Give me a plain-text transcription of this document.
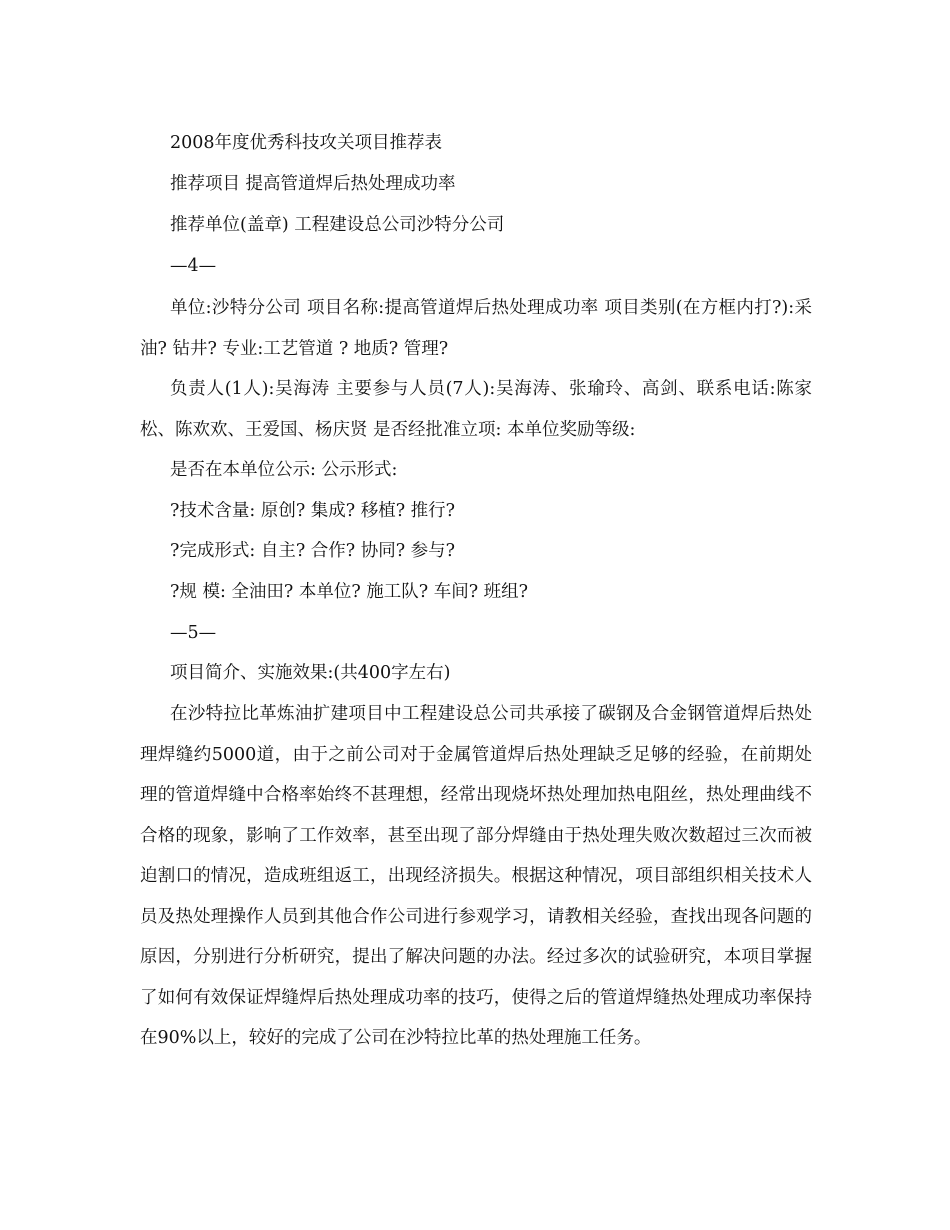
2008年度优秀科技攻关项目推荐表
推荐项目 提高管道焊后热处理成功率
推荐单位(盖章) 工程建设总公司沙特分公司
—4—
单位:沙特分公司 项目名称:提高管道焊后热处理成功率 项目类别(在方框内打?):采油? 钻井? 专业:工艺管道 ? 地质? 管理?
负责人(1人):吴海涛 主要参与人员(7人):吴海涛、张瑜玲、高剑、联系电话:陈家松、陈欢欢、王爱国、杨庆贤 是否经批准立项: 本单位奖励等级:
是否在本单位公示: 公示形式:
?技术含量: 原创? 集成? 移植? 推行?
?完成形式: 自主? 合作? 协同? 参与?
?规 模: 全油田? 本单位? 施工队? 车间? 班组?
—5—
项目简介、实施效果:(共400字左右)
在沙特拉比革炼油扩建项目中工程建设总公司共承接了碳钢及合金钢管道焊后热处理焊缝约5000道，由于之前公司对于金属管道焊后热处理缺乏足够的经验，在前期处理的管道焊缝中合格率始终不甚理想，经常出现烧坏热处理加热电阻丝，热处理曲线不合格的现象，影响了工作效率，甚至出现了部分焊缝由于热处理失败次数超过三次而被迫割口的情况，造成班组返工，出现经济损失。根据这种情况，项目部组织相关技术人员及热处理操作人员到其他合作公司进行参观学习，请教相关经验，查找出现各问题的原因，分别进行分析研究，提出了解决问题的办法。经过多次的试验研究，本项目掌握了如何有效保证焊缝焊后热处理成功率的技巧，使得之后的管道焊缝热处理成功率保持在90%以上，较好的完成了公司在沙特拉比革的热处理施工任务。
